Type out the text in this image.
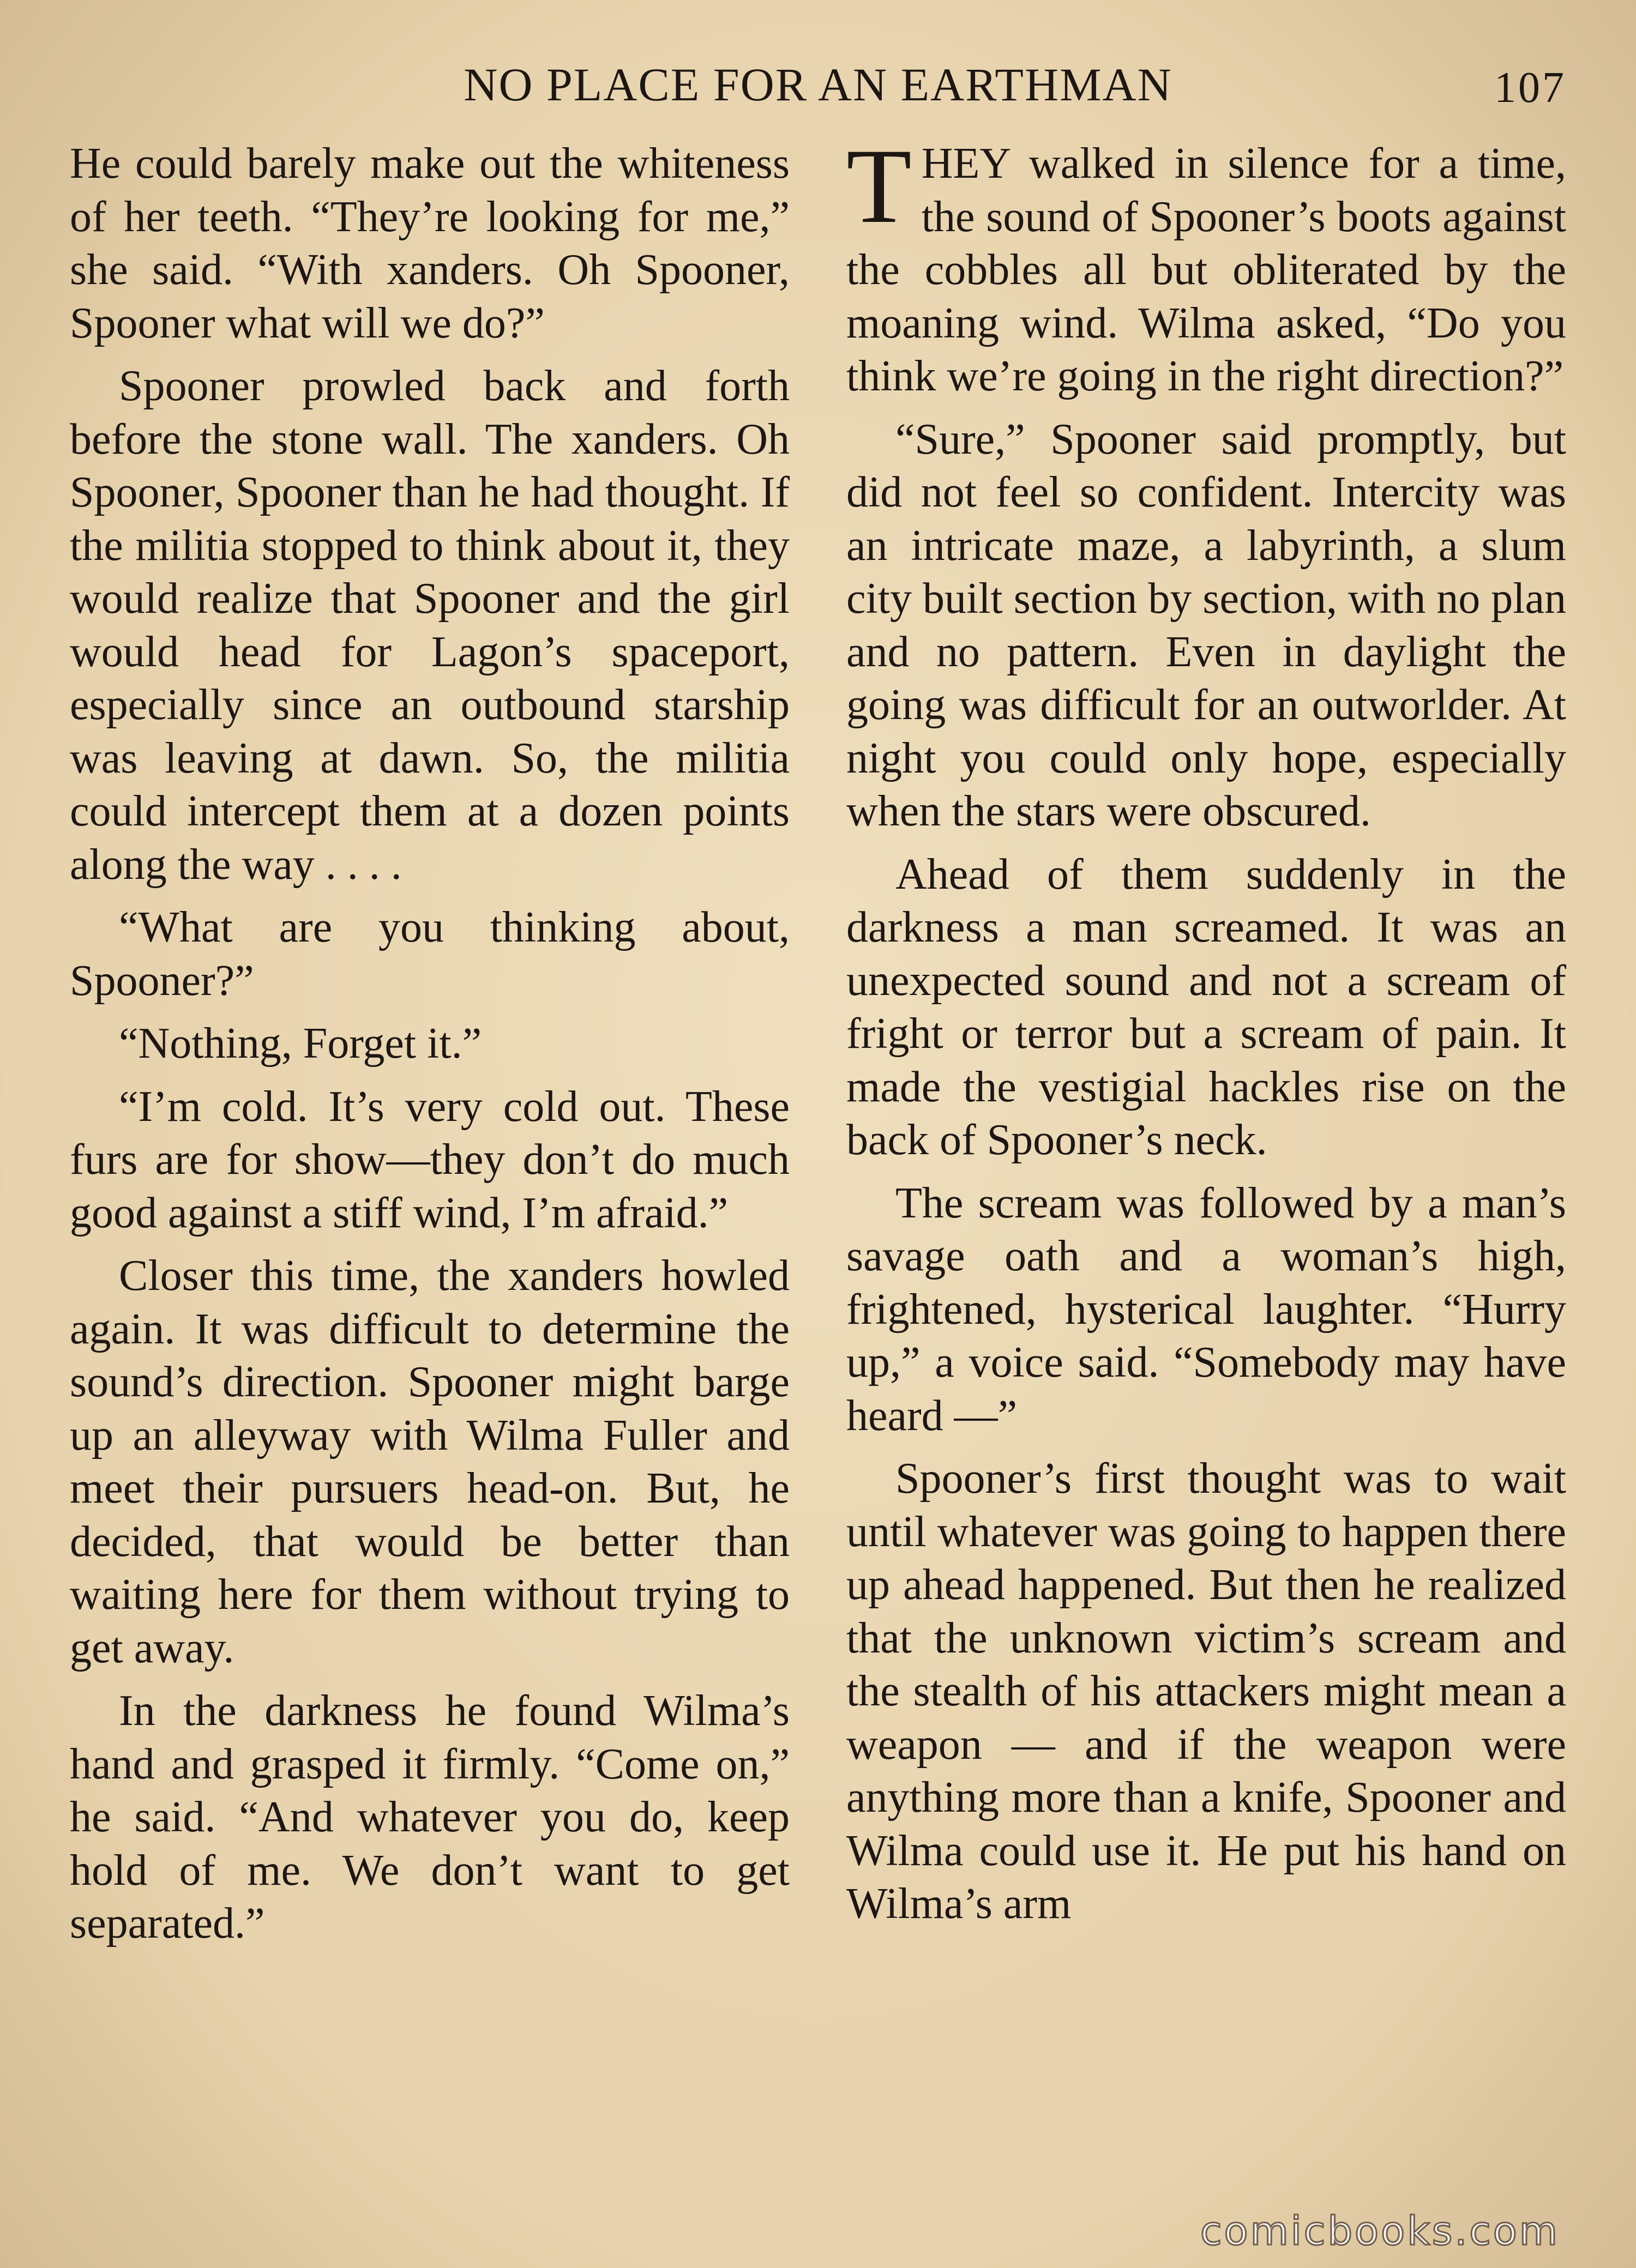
NO PLACE FOR AN EARTHMAN	107

He could barely make out the whiteness of her teeth. “They’re looking for me,” she said. “With xanders. Oh Spooner, Spooner what will we do?”

Spooner prowled back and forth before the stone wall. The xanders. Oh Spooner, Spooner than he had thought. If the militia stopped to think about it, they would realize that Spooner and the girl would head for Lagon’s spaceport, especially since an outbound starship was leaving at dawn. So, the militia could intercept them at a dozen points along the way . . . .

“What are you thinking about, Spooner?”

“Nothing, Forget it.”

“I’m cold. It’s very cold out. These furs are for show—they don’t do much good against a stiff wind, I’m afraid.”

Closer this time, the xanders howled again. It was difficult to determine the sound’s direction. Spooner might barge up an alleyway with Wilma Fuller and meet their pursuers head-on. But, he decided, that would be better than waiting here for them without trying to get away.

In the darkness he found Wilma’s hand and grasped it firmly. “Come on,” he said. “And whatever you do, keep hold of me. We don’t want to get separated.”

THEY walked in silence for a time, the sound of Spooner’s boots against the cobbles all but obliterated by the moaning wind. Wilma asked, “Do you think we’re going in the right direction?”

“Sure,” Spooner said promptly, but did not feel so confident. Intercity was an intricate maze, a labyrinth, a slum city built section by section, with no plan and no pattern. Even in daylight the going was difficult for an outworlder. At night you could only hope, especially when the stars were obscured.

Ahead of them suddenly in the darkness a man screamed. It was an unexpected sound and not a scream of fright or terror but a scream of pain. It made the vestigial hackles rise on the back of Spooner’s neck.

The scream was followed by a man’s savage oath and a woman’s high, frightened, hysterical laughter. “Hurry up,” a voice said. “Somebody may have heard —”

Spooner’s first thought was to wait until whatever was going to happen there up ahead happened. But then he realized that the unknown victim’s scream and the stealth of his attackers might mean a weapon — and if the weapon were anything more than a knife, Spooner and Wilma could use it. He put his hand on Wilma’s arm

comicbooks.com
